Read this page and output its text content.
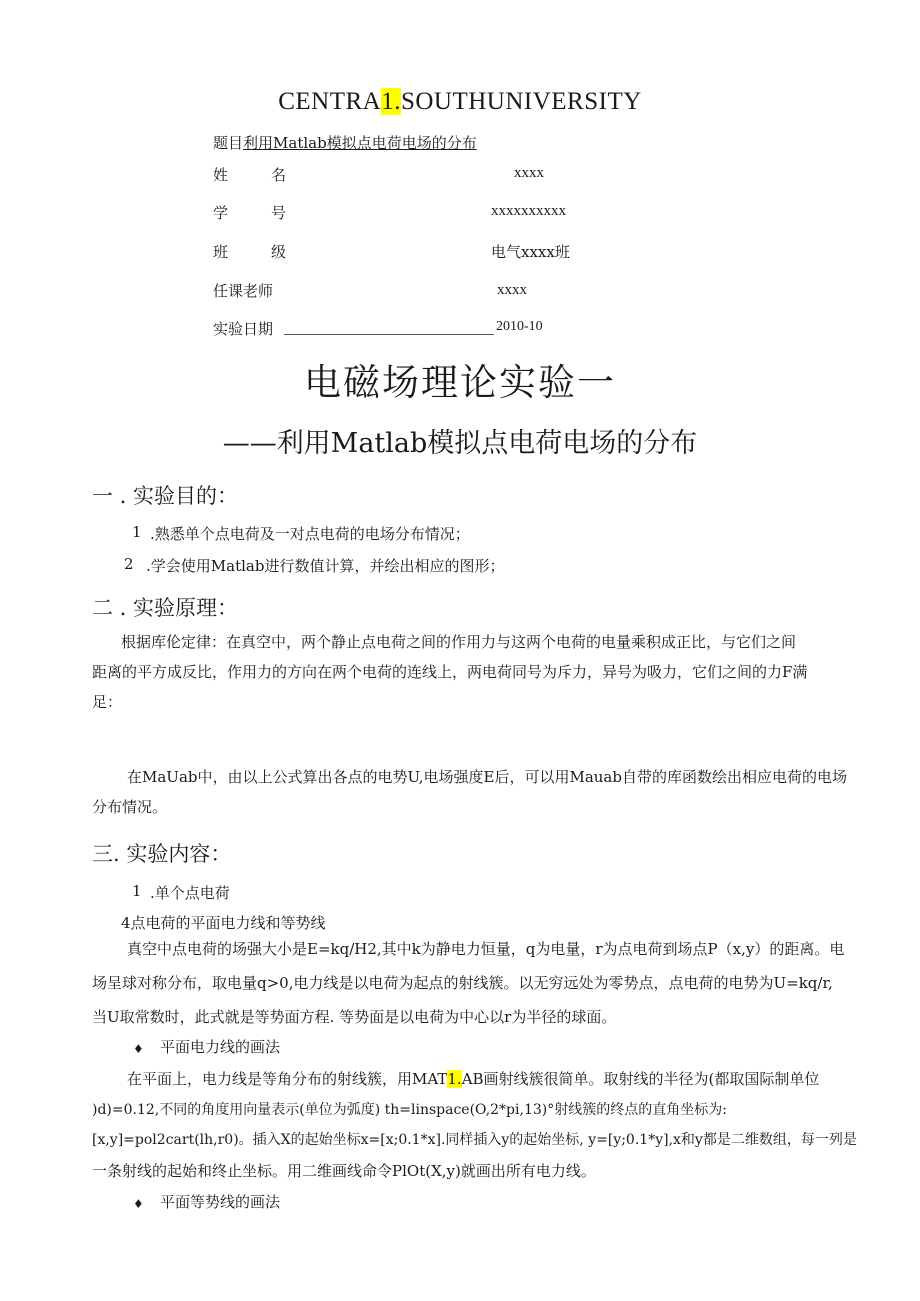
CENTRA1.SOUTHUNIVERSITY
题目利用Matlab模拟点电荷电场的分布
姓	名	xxxx
学	号	xxxxxxxxxx
班	级	电气xxxx班
任课老师	xxxx
实验日期	2010-10
电磁场理论实验一
——利用Matlab模拟点电荷电场的分布
一 . 实验目的：
1 .熟悉单个点电荷及一对点电荷的电场分布情况；
2 .学会使用Matlab进行数值计算，并绘出相应的图形；
二 . 实验原理：
根据库伦定律：在真空中，两个静止点电荷之间的作用力与这两个电荷的电量乘积成正比，与它们之间
距离的平方成反比，作用力的方向在两个电荷的连线上，两电荷同号为斥力，异号为吸力，它们之间的力F满
足：
在MaUab中，由以上公式算出各点的电势U,电场强度E后，可以用Mauab自带的库函数绘出相应电荷的电场
分布情况。
三. 实验内容：
1 .单个点电荷
4点电荷的平面电力线和等势线
真空中点电荷的场强大小是E=kq/H2,其中k为静电力恒量，q为电量，r为点电荷到场点P（x,y）的距离。电
场呈球对称分布，取电量q>0,电力线是以电荷为起点的射线簇。以无穷远处为零势点，点电荷的电势为U=kq/r,
当U取常数时，此式就是等势面方程. 等势面是以电荷为中心以r为半径的球面。
♦ 平面电力线的画法
在平面上，电力线是等角分布的射线簇，用MAT1.AB画射线簇很简单。取射线的半径为(都取国际制单位
)d)=0.12,不同的角度用向量表示(单位为弧度) th=linspace(O,2*pi,13)°射线簇的终点的直角坐标为:
[x,y]=pol2cart(lh,r0)。插入X的起始坐标x=[x;0.1*x].同样插入y的起始坐标, y=[y;0.1*y],x和y都是二维数组，每一列是
一条射线的起始和终止坐标。用二维画线命令PlOt(X,y)就画出所有电力线。
♦ 平面等势线的画法
